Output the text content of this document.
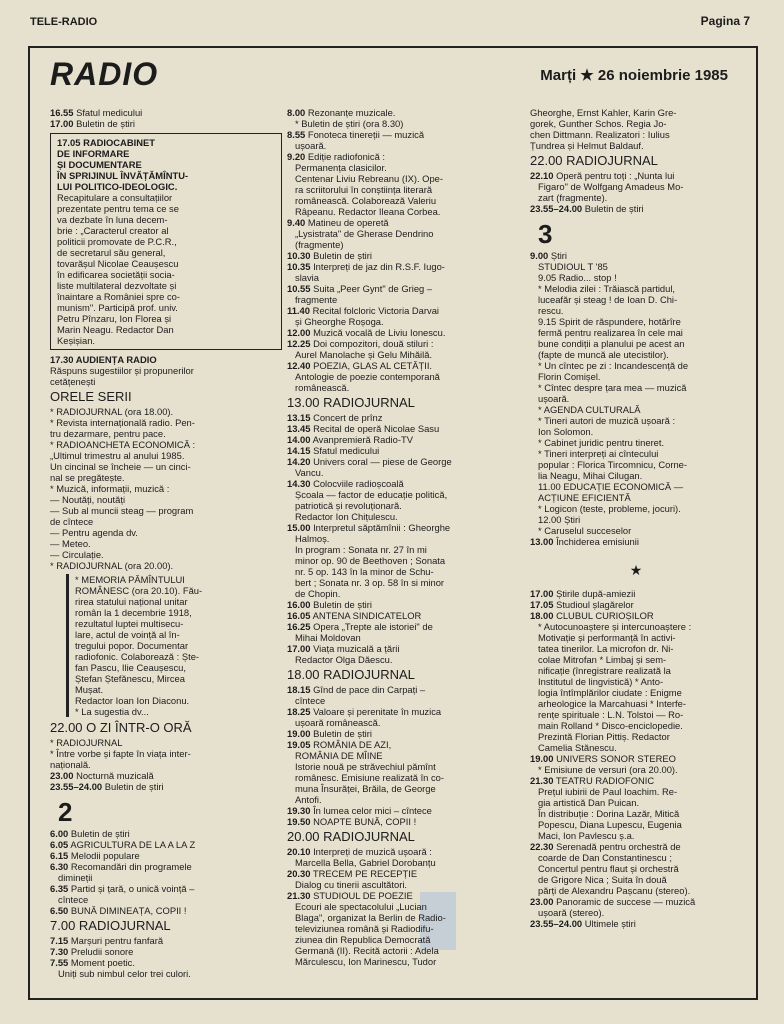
TELE-RADIO	Pagina 7
RADIO	Marți ★ 26 noiembrie 1985
16.55 Sfatul medicului
17.00 Buletin de știri
17.05 RADIOCABINET
DE INFORMARE
ȘI DOCUMENTARE
ÎN SPRIJINUL ÎNVĂȚĂMÎNTU-
LUI POLITICO-IDEOLOGIC.
Recapitulare a consultațiilor
prezentate pentru tema ce se
va dezbate în luna decem-
brie : „Caracterul creator al
politicii promovate de P.C.R.,
de secretarul său general,
tovarășul Nicolae Ceaușescu
în edificarea societății socia-
liste multilateral dezvoltate și
înaintare a României spre co-
munism". Participă prof. univ.
Petru Pînzaru, Ion Florea și
Marin Neagu. Redactor Dan
Keșișian.
17.30 AUDIENȚA RADIO
Răspuns sugestiilor și propunerilor
cetățenești
ORELE SERII
* RADIOJURNAL (ora 18.00).
* Revista internațională radio. Pen-
tru dezarmare, pentru pace.
* RADIOANCHETA ECONOMICĂ :
„Ultimul trimestru al anului 1985.
Un cincinal se încheie — un cinci-
nal se pregătește.
* Muzică, informații, muzică :
— Noutăți, noutăți
— Sub al muncii steag — program
de cîntece
— Pentru agenda dv.
— Meteo.
— Circulație.
* RADIOJURNAL (ora 20.00).
* MEMORIA PĂMÎNTULUI
ROMÂNESC (ora 20.10). Fău-
rirea statului național unitar
român la 1 decembrie 1918,
rezultatul luptei multisecu-
lare, actul de voință al în-
tregului popor. Documentar
radiofonic. Colaborează : Ște-
fan Pascu, Ilie Ceaușescu,
Ștefan Ștefănescu, Mircea
Mușat.
Redactor Ioan Ion Diaconu.
* La sugestia dv...
22.00 O ZI ÎNTR-O ORĂ
* RADIOJURNAL
* Între vorbe și fapte în viața inter-
națională.
23.00 Nocturnă muzicală
23.55–24.00 Buletin de știri
2
6.00 Buletin de știri
6.05 AGRICULTURA DE LA A LA Z
6.15 Melodii populare
6.30 Recomandări din programele
dimineții
6.35 Partid și țară, o unică voință –
cîntece
6.50 BUNĂ DIMINEAȚA, COPII !
7.00 RADIOJURNAL
7.15 Marșuri pentru fanfară
7.30 Preludii sonore
7.55 Moment poetic.
Uniți sub nimbul celor trei culori.
8.00 Rezonanțe muzicale.
* Buletin de știri (ora 8.30)
8.55 Fonoteca tinereții — muzică
ușoară.
9.20 Ediție radiofonică :
Permanența clasicilor.
Centenar Liviu Rebreanu (IX). Ope-
ra scriitorului în conștiința literară
românească. Colaborează Valeriu
Râpeanu. Redactor Ileana Corbea.
9.40 Matineu de operetă
„Lysistrata" de Gherase Dendrino
(fragmente)
10.30 Buletin de știri
10.35 Interpreți de jaz din R.S.F. Iugo-
slavia
10.55 Suita „Peer Gynt" de Grieg –
fragmente
11.40 Recital folcloric Victoria Darvai
și Gheorghe Roșoga.
12.00 Muzică vocală de Liviu Ionescu.
12.25 Doi compozitori, două stiluri :
Aurel Manolache și Gelu Mihăilă.
12.40 POEZIA, GLAS AL CETĂȚII.
Antologie de poezie contemporană
românească.
13.00 RADIOJURNAL
13.15 Concert de prînz
13.45 Recital de operă Nicolae Sasu
14.00 Avanpremieră Radio-TV
14.15 Sfatul medicului
14.20 Univers coral — piese de George
Vancu.
14.30 Colocviile radioșcoală
Școala — factor de educație politică,
patriotică și revoluționară.
Redactor Ion Chițulescu.
15.00 Interpretul săptămînii : Gheorghe
Halmoș.
In program : Sonata nr. 27 în mi
minor op. 90 de Beethoven ; Sonata
nr. 5 op. 143 în la minor de Schu-
bert ; Sonata nr. 3 op. 58 în si minor
de Chopin.
16.00 Buletin de știri
16.05 ANTENA SINDICATELOR
16.25 Opera „Trepte ale istoriei" de
Mihai Moldovan
17.00 Viața muzicală a țării
Redactor Olga Dăescu.
18.00 RADIOJURNAL
18.15 Gînd de pace din Carpați –
cîntece
18.25 Valoare și perenitate în muzica
ușoară românească.
19.00 Buletin de știri
19.05 ROMÂNIA DE AZI,
ROMÂNIA DE MÎINE
Istorie nouă pe străvechiul pămînt
românesc. Emisiune realizată în co-
muna Însurăței, Brăila, de George
Antofi.
19.30 În lumea celor mici – cîntece
19.50 NOAPTE BUNĂ, COPII !
20.00 RADIOJURNAL
20.10 Interpreți de muzică ușoară :
Marcella Bella, Gabriel Dorobanțu
20.30 TRECEM PE RECEPȚIE
Dialog cu tinerii ascultători.
21.30 STUDIOUL DE POEZIE
Ecouri ale spectacolului „Lucian
Blaga", organizat la Berlin de Radio-
televiziunea română și Radiodifu-
ziunea din Republica Democrată
Germană (II). Recită actorii : Adela
Mărculescu, Ion Marinescu, Tudor
Gheorghe, Ernst Kahler, Karin Gre-
gorek, Gunther Schos. Regia Jo-
chen Dittmann. Realizatori : Iulius
Țundrea și Helmut Baldauf.
22.00 RADIOJURNAL
22.10 Operă pentru toți : „Nunta lui
Figaro" de Wolfgang Amadeus Mo-
zart (fragmente).
23.55–24.00 Buletin de știri
3
9.00 Știri
STUDIOUL T '85
9.05 Radio... stop !
* Melodia zilei : Trăiască partidul,
luceafăr și steag ! de Ioan D. Chi-
rescu.
9.15 Spirit de răspundere, hotărîre
fermă pentru realizarea în cele mai
bune condiții a planului pe acest an
(fapte de muncă ale utecistilor).
* Un cîntec pe zi : Incandescență de
Florin Comișel.
* Cîntec despre țara mea — muzică
ușoară.
* AGENDA CULTURALĂ
* Tineri autori de muzică ușoară :
Ion Solomon.
* Cabinet juridic pentru tineret.
* Tineri interpreți ai cîntecului
popular : Florica Tircomnicu, Corne-
lia Neagu, Mihai Cilugan.
11.00 EDUCAȚIE ECONOMICĂ —
ACȚIUNE EFICIENTĂ
* Logicon (teste, probleme, jocuri).
12.00 Știri
* Caruselul succeselor
13.00 Închiderea emisiunii
★
17.00 Știrile după-amiezii
17.05 Studioul șlagărelor
18.00 CLUBUL CURIOȘILOR
* Autocunoaștere și intercunoaștere :
Motivație și performanță în activi-
tatea tinerilor. La microfon dr. Ni-
colae Mitrofan * Limbaj și sem-
nificație (înregistrare realizată la
Institutul de lingvistică) * Anto-
logia întîmplărilor ciudate : Enigme
arheologice la Marcahuasi * Interfe-
rențe spirituale : L.N. Tolstoi — Ro-
main Rolland * Disco-enciclopedie.
Prezintă Florian Pittiș. Redactor
Camelia Stănescu.
19.00 UNIVERS SONOR STEREO
* Emisiune de versuri (ora 20.00).
21.30 TEATRU RADIOFONIC
Prețul iubirii de Paul Ioachim. Re-
gia artistică Dan Puican.
În distribuție : Dorina Lazăr, Mitică
Popescu, Diana Lupescu, Eugenia
Maci, Ion Pavlescu ș.a.
22.30 Serenadă pentru orchestră de
coarde de Dan Constantinescu ;
Concertul pentru flaut și orchestră
de Grigore Nica ; Suita în două
părți de Alexandru Pașcanu (stereo).
23.00 Panoramic de succese — muzică
ușoară (stereo).
23.55–24.00 Ultimele știri
